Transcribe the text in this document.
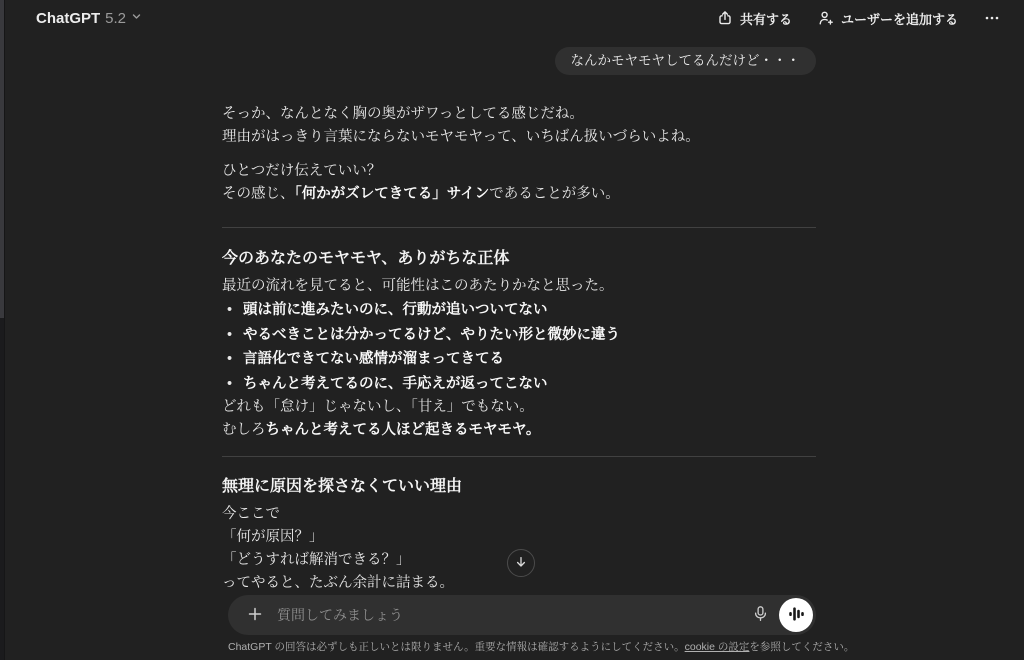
ChatGPT 5.2	共有する	ユーザーを追加する
なんかモヤモヤしてるんだけど・・・

そっか、なんとなく胸の奥がザワっとしてる感じだね。
理由がはっきり言葉にならないモヤモヤって、いちばん扱いづらいよね。

ひとつだけ伝えていい？
その感じ、「何かがズレてきてる」サインであることが多い。

今のあなたのモヤモヤ、ありがちな正体

最近の流れを見てると、可能性はこのあたりかなと思った。

• 頭は前に進みたいのに、行動が追いついてない
• やるべきことは分かってるけど、やりたい形と微妙に違う
• 言語化できてない感情が溜まってきてる
• ちゃんと考えてるのに、手応えが返ってこない

どれも「怠け」じゃないし、「甘え」でもない。
むしろちゃんと考えてる人ほど起きるモヤモヤ。

無理に原因を探さなくていい理由

今ここで
「何が原因？」
「どうすれば解消できる？」
ってやると、たぶん余計に詰まる。

質問してみましょう
ChatGPT の回答は必ずしも正しいとは限りません。重要な情報は確認するようにしてください。cookie の設定を参照してください。
